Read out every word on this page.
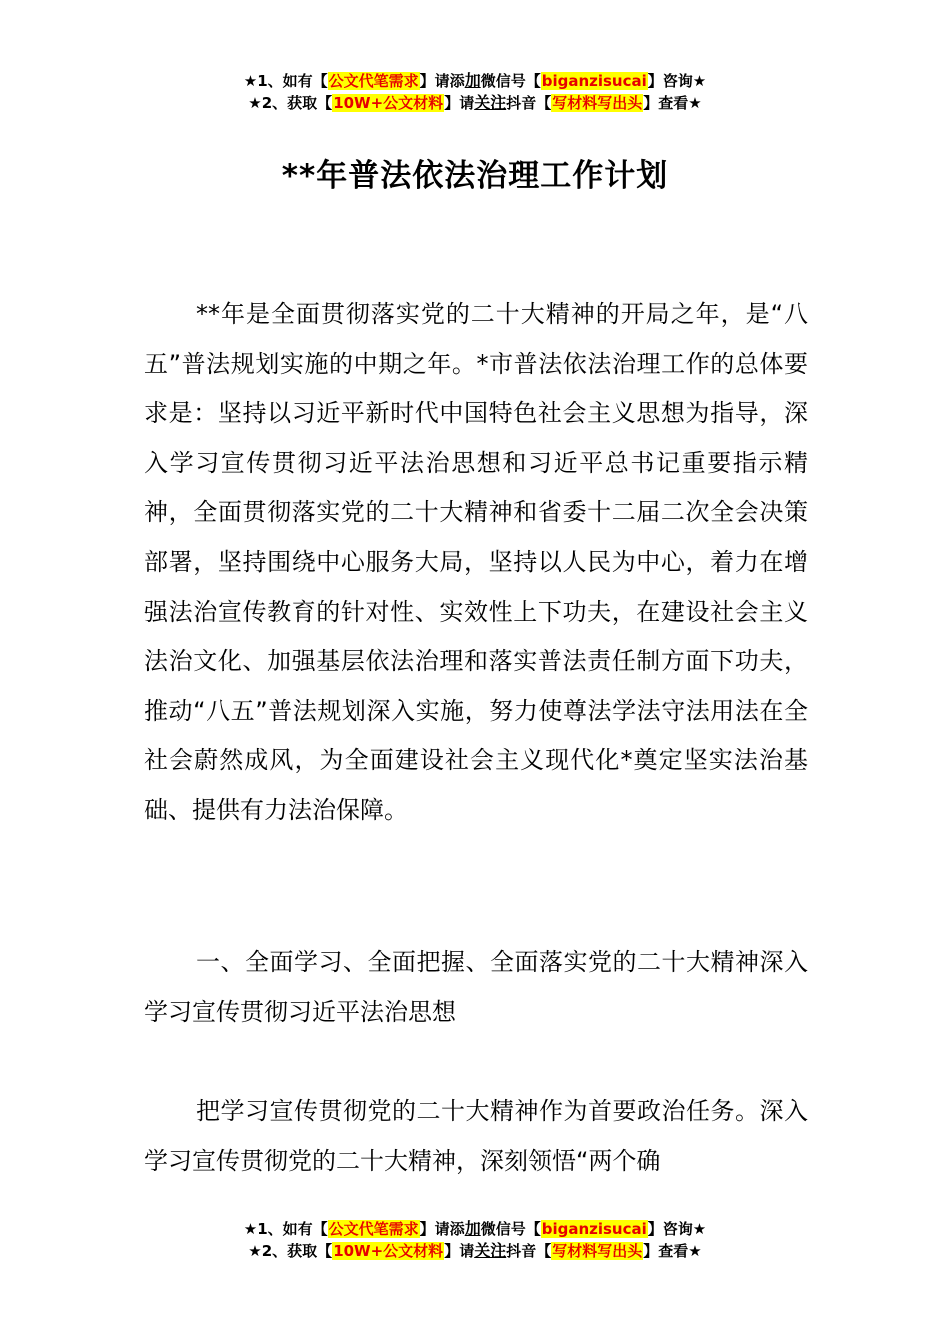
★1、如有【公文代笔需求】请添加微信号【biganzisucai】咨询★
★2、获取【10W+公文材料】请关注抖音【写材料写出头】查看★
**年普法依法治理工作计划
**年是全面贯彻落实党的二十大精神的开局之年，是“八五”普法规划实施的中期之年。*市普法依法治理工作的总体要求是：坚持以习近平新时代中国特色社会主义思想为指导，深入学习宣传贯彻习近平法治思想和习近平总书记重要指示精神，全面贯彻落实党的二十大精神和省委十二届二次全会决策部署，坚持围绕中心服务大局，坚持以人民为中心，着力在增强法治宣传教育的针对性、实效性上下功夫，在建设社会主义法治文化、加强基层依法治理和落实普法责任制方面下功夫，推动“八五”普法规划深入实施，努力使尊法学法守法用法在全社会蔚然成风，为全面建设社会主义现代化*奠定坚实法治基础、提供有力法治保障。
一、全面学习、全面把握、全面落实党的二十大精神深入学习宣传贯彻习近平法治思想
把学习宣传贯彻党的二十大精神作为首要政治任务。深入学习宣传贯彻党的二十大精神，深刻领悟“两个确
★1、如有【公文代笔需求】请添加微信号【biganzisucai】咨询★
★2、获取【10W+公文材料】请关注抖音【写材料写出头】查看★
